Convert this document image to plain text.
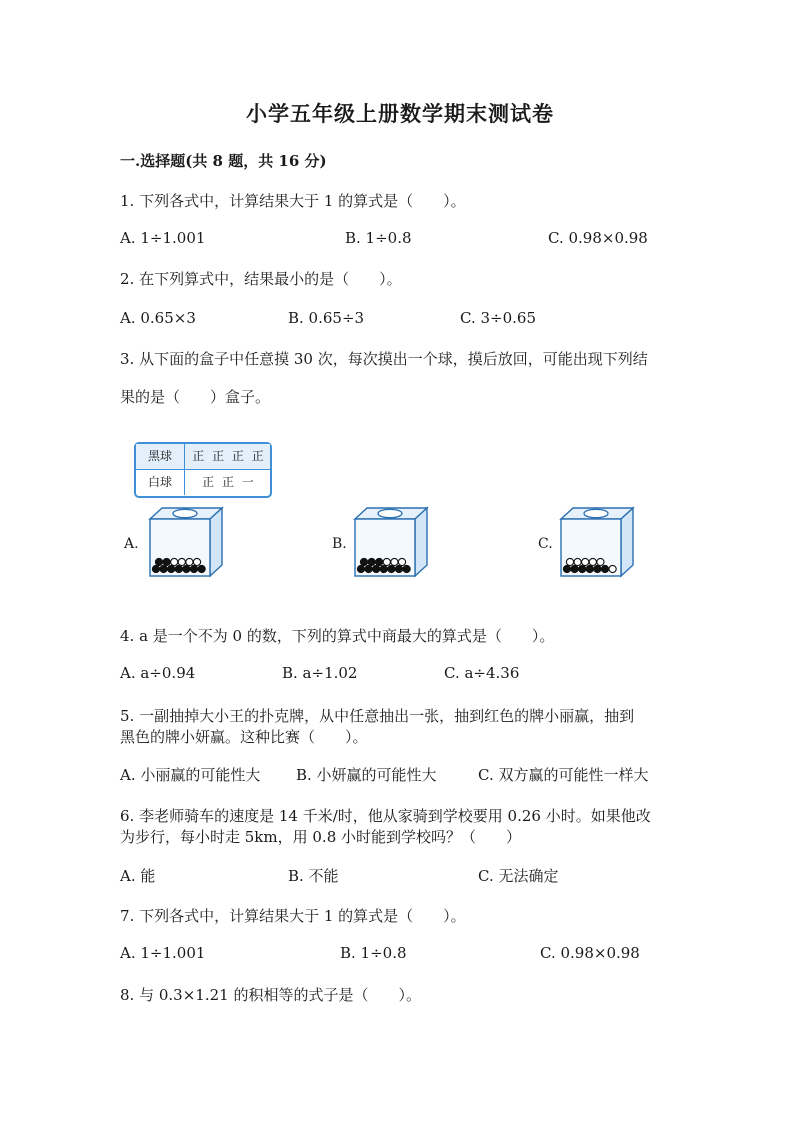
小学五年级上册数学期末测试卷
一.选择题(共 8 题，共 16 分)
1. 下列各式中，计算结果大于 1 的算式是（　　）。
A. 1÷1.001	B. 1÷0.8	C. 0.98×0.98
2. 在下列算式中，结果最小的是（　　）。
A. 0.65×3	B. 0.65÷3	C. 3÷0.65
3. 从下面的盒子中任意摸 30 次，每次摸出一个球，摸后放回，可能出现下列结
果的是（　　）盒子。
黑球	正 正 正 正
白球	正 正 一
A.	B.	C.
4. a 是一个不为 0 的数，下列的算式中商最大的算式是（　　）。
A. a÷0.94	B. a÷1.02	C. a÷4.36
5. 一副抽掉大小王的扑克牌，从中任意抽出一张，抽到红色的牌小丽赢，抽到
黑色的牌小妍赢。这种比赛（　　）。
A. 小丽赢的可能性大 B. 小妍赢的可能性大	C. 双方赢的可能性一样大
6. 李老师骑车的速度是 14 千米/时，他从家骑到学校要用 0.26 小时。如果他改
为步行，每小时走 5km，用 0.8 小时能到学校吗？（　　）
A. 能	B. 不能	C. 无法确定
7. 下列各式中，计算结果大于 1 的算式是（　　）。
A. 1÷1.001	B. 1÷0.8	C. 0.98×0.98
8. 与 0.3×1.21 的积相等的式子是（　　）。
